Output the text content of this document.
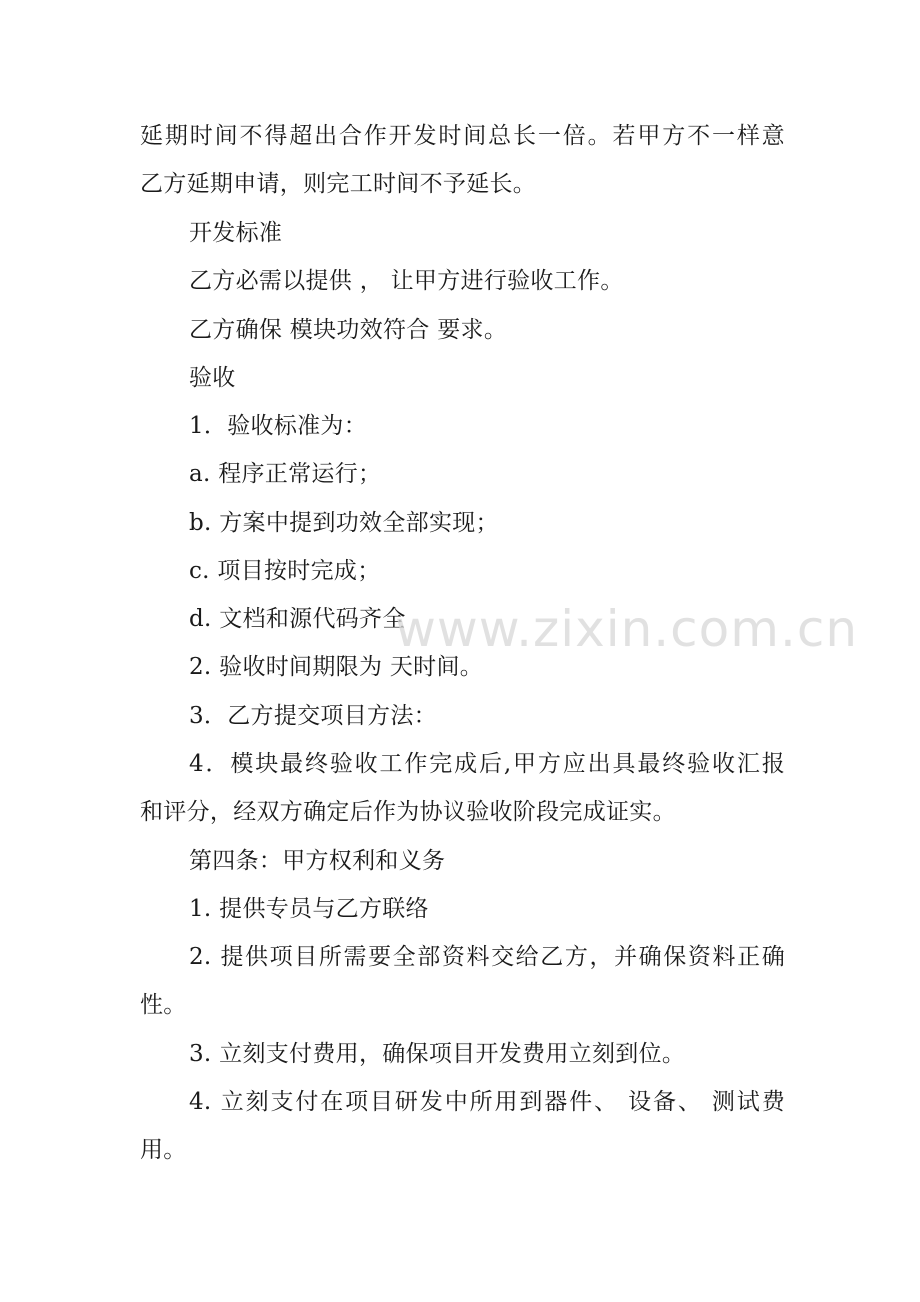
延期时间不得超出合作开发时间总长一倍。若甲方不一样意
乙方延期申请，则完工时间不予延长。
开发标准
乙方必需以提供 ， 让甲方进行验收工作。
乙方确保 模块功效符合 要求。
验收
1．验收标准为：
a. 程序正常运行；
b. 方案中提到功效全部实现；
c. 项目按时完成；
d. 文档和源代码齐全
2. 验收时间期限为 天时间。
3．乙方提交项目方法：
4．模块最终验收工作完成后,甲方应出具最终验收汇报
和评分，经双方确定后作为协议验收阶段完成证实。
第四条：甲方权利和义务
1. 提供专员与乙方联络
2. 提供项目所需要全部资料交给乙方，并确保资料正确
性。
3. 立刻支付费用，确保项目开发费用立刻到位。
4. 立刻支付在项目研发中所用到器件、 设备、 测试费
用。
www.zixin.com.cn
